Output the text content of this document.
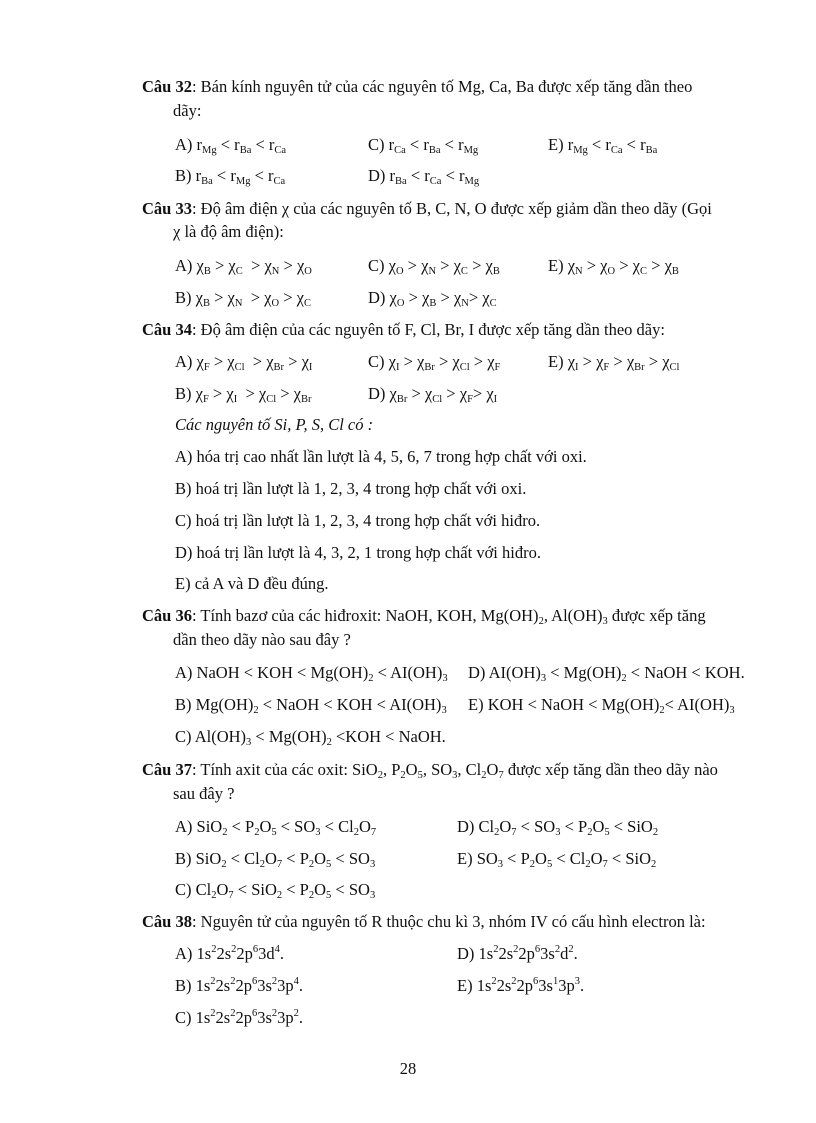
Câu 32: Bán kính nguyên tử của các nguyên tố Mg, Ca, Ba được xếp tăng dần theo
dãy:
A) $r_{Mg} < r_{Ba} < r_{Ca}$	C) $r_{Ca} < r_{Ba} < r_{Mg}$	E) $r_{Mg} < r_{Ca} < r_{Ba}$
B) $r_{Ba} < r_{Mg} < r_{Ca}$	D) $r_{Ba} < r_{Ca} < r_{Mg}$
Câu 33: Độ âm điện χ của các nguyên tố B, C, N, O được xếp giảm dần theo dãy (Gọi
χ là độ âm điện):
A) $\chi_B > \chi_C > \chi_N > \chi_O$	C) $\chi_O > \chi_N > \chi_C > \chi_B$	E) $\chi_N > \chi_O > \chi_C > \chi_B$
B) $\chi_B > \chi_N > \chi_O > \chi_C$	D) $\chi_O > \chi_B > \chi_N> \chi_C$
Câu 34: Độ âm điện của các nguyên tố F, Cl, Br, I được xếp tăng dần theo dãy:
A) $\chi_F > \chi_{Cl} > \chi_{Br} > \chi_I$	C) $\chi_I > \chi_{Br} > \chi_{Cl} > \chi_F$	E) $\chi_I > \chi_F > \chi_{Br} > \chi_{Cl}$
B) $\chi_F > \chi_I > \chi_{Cl} > \chi_{Br}$	D) $\chi_{Br} > \chi_{Cl} > \chi_F> \chi_I$
Các nguyên tố Si, P, S, Cl có :
A) hóa trị cao nhất lần lượt là 4, 5, 6, 7 trong hợp chất với oxi.
B) hoá trị lần lượt là 1, 2, 3, 4 trong hợp chất với oxi.
C) hoá trị lần lượt là 1, 2, 3, 4 trong hợp chất với hiđro.
D) hoá trị lần lượt là 4, 3, 2, 1 trong hợp chất với hiđro.
E) cả A và D đều đúng.
Câu 36: Tính bazơ của các hiđroxit: NaOH, KOH, $Mg(OH)_2$, $Al(OH)_3$ được xếp tăng
dần theo dãy nào sau đây ?
A) NaOH < KOH < $Mg(OH)_2 < AI(OH)_3$ D) $AI(OH)_3 < Mg(OH)_2$ < NaOH < KOH.
B) $Mg(OH)_2$ < NaOH < KOH < $AI(OH)_3$ E) KOH < NaOH < $Mg(OH)_2< AI(OH)_3$
C) $Al(OH)_3 < Mg(OH)_2 <KOH$ < NaOH.
Câu 37: Tính axit của các oxit: SiO$_2$, $P_2O_5$, $SO_3$, $Cl_2O_7$ được xếp tăng dần theo dãy nào
sau đây ?
A) $SiO_2 < P_2O_5 < SO_3 < Cl_2O_7$	D) $Cl_2O_7 < SO_3 < P_2O_5 < SiO_2$
B) $SiO_2 < Cl_2O_7 < P_2O_5 < SO_3$	E) $SO_3 < P_2O_5 < Cl_2O_7 < SiO_2$
C) $Cl_2O_7 < SiO_2 < P_2O_5 < SO_3$
Câu 38: Nguyên tử của nguyên tố R thuộc chu kì 3, nhóm IV có cấu hình electron là:
A) $1s^22s^22p^63d^4$.	D) $1s^22s^22p^63s^2d^2$.
B) $1s^22s^22p^63s^23p^4$.	E) $1s^22s^22p^63s^13p^3$.
C) $1s^22s^22p^63s^23p^2$.
28
